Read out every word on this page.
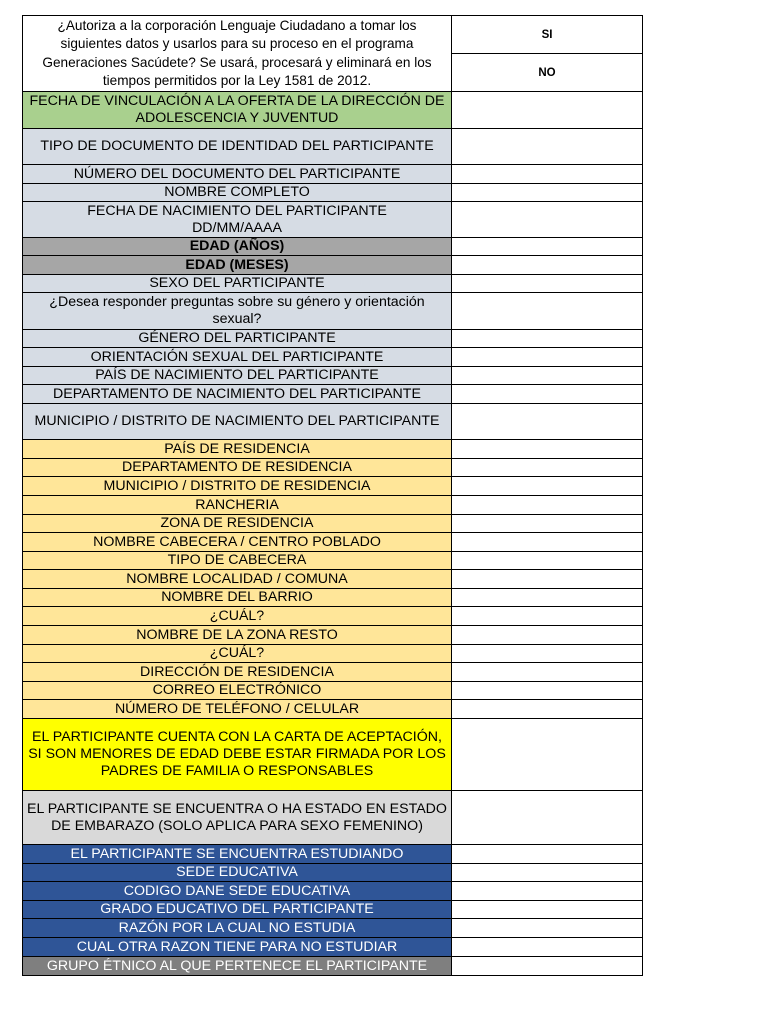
¿Autoriza a la corporación Lenguaje Ciudadano a tomar los
siguientes datos y usarlos para su proceso en el programa
Generaciones Sacúdete? Se usará, procesará y eliminará en los
tiempos permitidos por la Ley 1581 de 2012.
SI
NO
FECHA DE VINCULACIÓN A LA OFERTA DE LA DIRECCIÓN DE
ADOLESCENCIA Y JUVENTUD
TIPO DE DOCUMENTO DE IDENTIDAD DEL PARTICIPANTE
NÚMERO DEL DOCUMENTO DEL PARTICIPANTE
NOMBRE COMPLETO
FECHA DE NACIMIENTO DEL PARTICIPANTE
DD/MM/AAAA
EDAD (AÑOS)
EDAD (MESES)
SEXO DEL PARTICIPANTE
¿Desea responder preguntas sobre su género y orientación sexual?
GÉNERO DEL PARTICIPANTE
ORIENTACIÓN SEXUAL DEL PARTICIPANTE
PAÍS DE NACIMIENTO DEL PARTICIPANTE
DEPARTAMENTO DE NACIMIENTO DEL PARTICIPANTE
MUNICIPIO / DISTRITO DE NACIMIENTO DEL PARTICIPANTE
PAÍS DE RESIDENCIA
DEPARTAMENTO DE RESIDENCIA
MUNICIPIO / DISTRITO DE RESIDENCIA
RANCHERIA
ZONA DE RESIDENCIA
NOMBRE CABECERA / CENTRO POBLADO
TIPO DE CABECERA
NOMBRE LOCALIDAD / COMUNA
NOMBRE DEL BARRIO
¿CUÁL?
NOMBRE DE LA ZONA RESTO
¿CUÁL?
DIRECCIÓN DE RESIDENCIA
CORREO ELECTRÓNICO
NÚMERO DE TELÉFONO / CELULAR
EL PARTICIPANTE CUENTA CON LA CARTA DE ACEPTACIÓN,
SI SON MENORES DE EDAD DEBE ESTAR FIRMADA POR LOS
PADRES DE FAMILIA O RESPONSABLES
EL PARTICIPANTE SE ENCUENTRA O HA ESTADO EN ESTADO
DE EMBARAZO (SOLO APLICA PARA SEXO FEMENINO)
EL PARTICIPANTE SE ENCUENTRA ESTUDIANDO
SEDE EDUCATIVA
CODIGO DANE SEDE EDUCATIVA
GRADO EDUCATIVO DEL PARTICIPANTE
RAZÓN POR LA CUAL NO ESTUDIA
CUAL OTRA RAZON TIENE PARA NO ESTUDIAR
GRUPO ÉTNICO AL QUE PERTENECE EL PARTICIPANTE
